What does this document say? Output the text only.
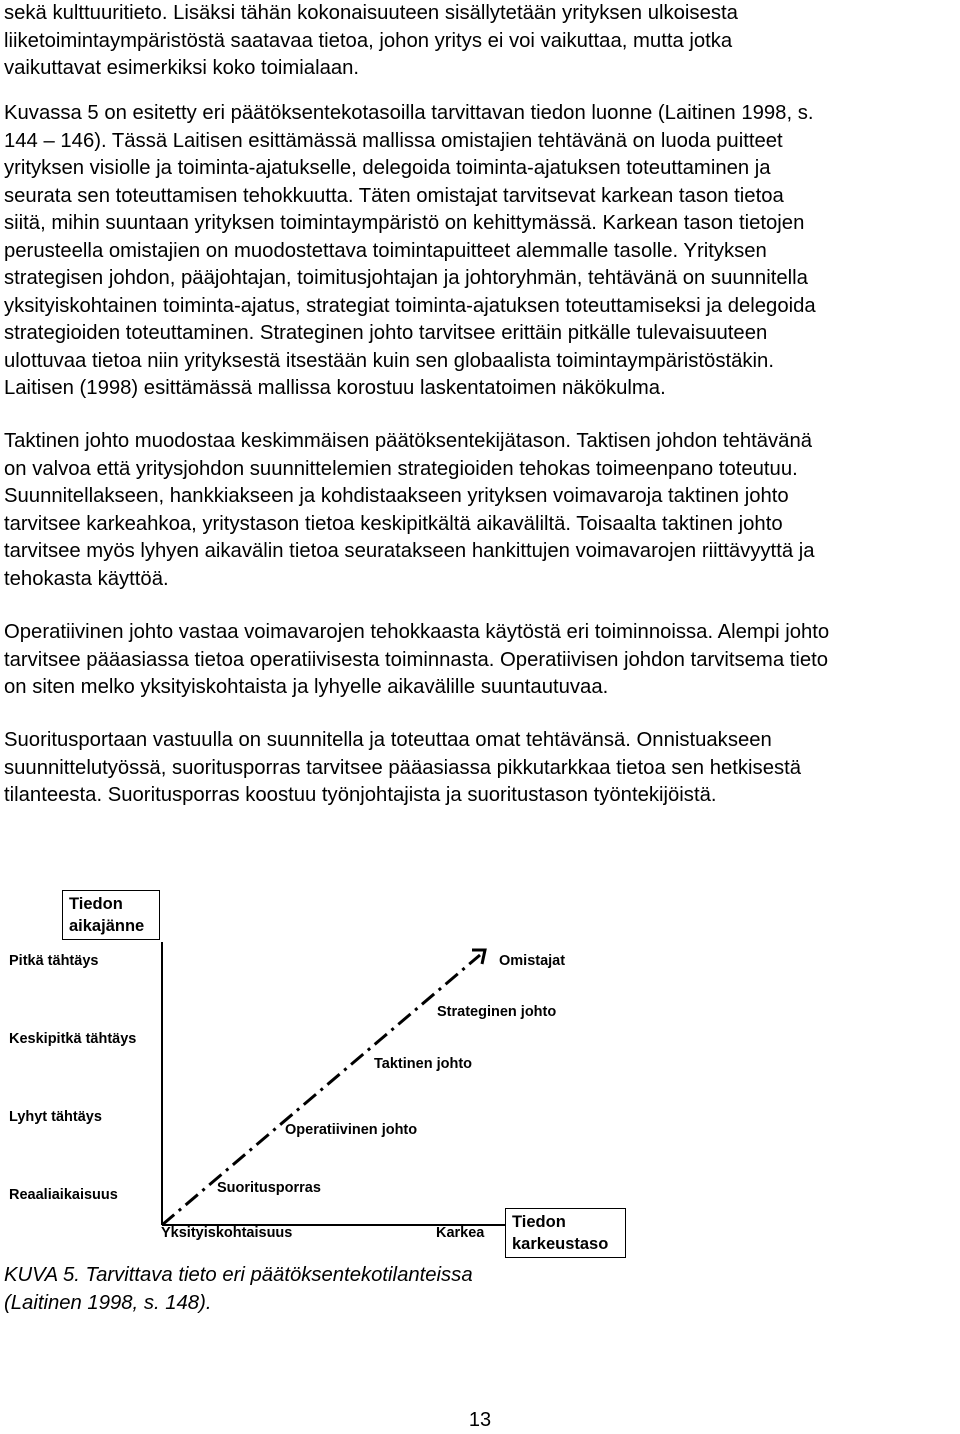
sekä kulttuuritieto. Lisäksi tähän kokonaisuuteen sisällytetään yrityksen ulkoisesta
liiketoimintaympäristöstä saatavaa tietoa, johon yritys ei voi vaikuttaa, mutta jotka
vaikuttavat esimerkiksi koko toimialaan.
Kuvassa 5 on esitetty eri päätöksentekotasoilla tarvittavan tiedon luonne (Laitinen 1998, s.
144 – 146). Tässä Laitisen esittämässä mallissa omistajien tehtävänä on luoda puitteet
yrityksen visiolle ja toiminta-ajatukselle, delegoida toiminta-ajatuksen toteuttaminen ja
seurata sen toteuttamisen tehokkuutta. Täten omistajat tarvitsevat karkean tason tietoa
siitä, mihin suuntaan yrityksen toimintaympäristö on kehittymässä. Karkean tason tietojen
perusteella omistajien on muodostettava toimintapuitteet alemmalle tasolle. Yrityksen
strategisen johdon, pääjohtajan, toimitusjohtajan ja johtoryhmän, tehtävänä on suunnitella
yksityiskohtainen toiminta-ajatus, strategiat toiminta-ajatuksen toteuttamiseksi ja delegoida
strategioiden toteuttaminen. Strateginen johto tarvitsee erittäin pitkälle tulevaisuuteen
ulottuvaa tietoa niin yrityksestä itsestään kuin sen globaalista toimintaympäristöstäkin.
Laitisen (1998) esittämässä mallissa korostuu laskentatoimen näkökulma.
Taktinen johto muodostaa keskimmäisen päätöksentekijätason. Taktisen johdon tehtävänä
on valvoa että yritysjohdon suunnittelemien strategioiden tehokas toimeenpano toteutuu.
Suunnitellakseen, hankkiakseen ja kohdistaakseen yrityksen voimavaroja taktinen johto
tarvitsee karkeahkoa, yritystason tietoa keskipitkältä aikaväliltä. Toisaalta taktinen johto
tarvitsee myös lyhyen aikavälin tietoa seuratakseen hankittujen voimavarojen riittävyyttä ja
tehokasta käyttöä.
Operatiivinen johto vastaa voimavarojen tehokkaasta käytöstä eri toiminnoissa. Alempi johto
tarvitsee pääasiassa tietoa operatiivisesta toiminnasta. Operatiivisen johdon tarvitsema tieto
on siten melko yksityiskohtaista ja lyhyelle aikavälille suuntautuvaa.
Suoritusportaan vastuulla on suunnitella ja toteuttaa omat tehtävänsä. Onnistuakseen
suunnittelutyössä, suoritusporras tarvitsee pääasiassa pikkutarkkaa tietoa sen hetkisestä
tilanteesta. Suoritusporras koostuu työnjohtajista ja suoritustason työntekijöistä.
Tiedon
aikajänne
Tiedon
karkeustaso
Pitkä tähtäys
Keskipitkä tähtäys
Lyhyt tähtäys
Reaaliaikaisuus
Yksityiskohtaisuus	Karkea
Omistajat
Strateginen johto
Taktinen johto
Operatiivinen johto
Suoritusporras
KUVA 5. Tarvittava tieto eri päätöksentekotilanteissa
(Laitinen 1998, s. 148).
13
